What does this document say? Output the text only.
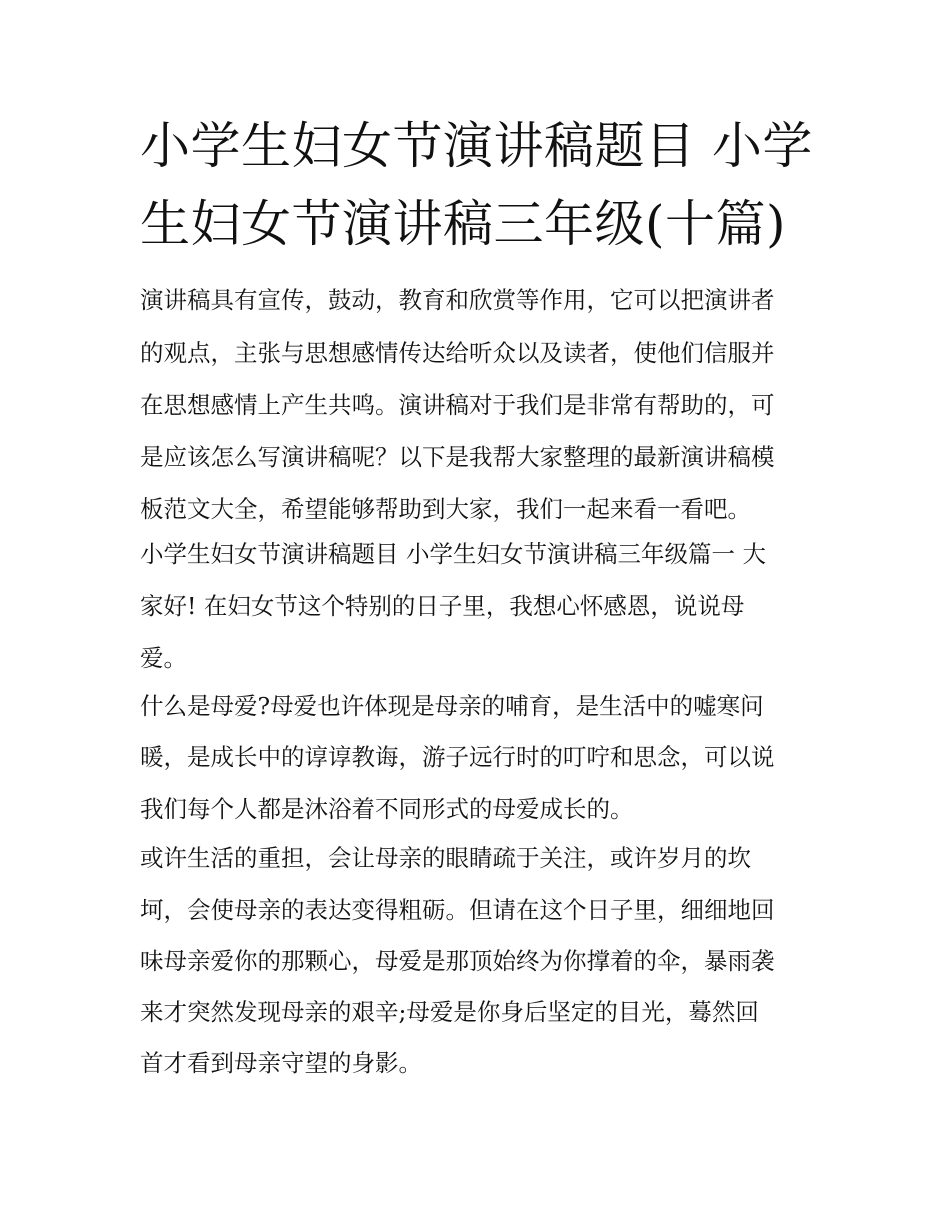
小学生妇女节演讲稿题目 小学
生妇女节演讲稿三年级(十篇)
演讲稿具有宣传，鼓动，教育和欣赏等作用，它可以把演讲者
的观点，主张与思想感情传达给听众以及读者，使他们信服并
在思想感情上产生共鸣。演讲稿对于我们是非常有帮助的，可
是应该怎么写演讲稿呢？以下是我帮大家整理的最新演讲稿模
板范文大全，希望能够帮助到大家，我们一起来看一看吧。
小学生妇女节演讲稿题目 小学生妇女节演讲稿三年级篇一 大
家好! 在妇女节这个特别的日子里，我想心怀感恩，说说母
爱。
什么是母爱?母爱也许体现是母亲的哺育，是生活中的嘘寒问
暖，是成长中的谆谆教诲，游子远行时的叮咛和思念，可以说
我们每个人都是沐浴着不同形式的母爱成长的。
或许生活的重担，会让母亲的眼睛疏于关注，或许岁月的坎
坷，会使母亲的表达变得粗砺。但请在这个日子里，细细地回
味母亲爱你的那颗心，母爱是那顶始终为你撑着的伞，暴雨袭
来才突然发现母亲的艰辛;母爱是你身后坚定的目光，蓦然回
首才看到母亲守望的身影。
